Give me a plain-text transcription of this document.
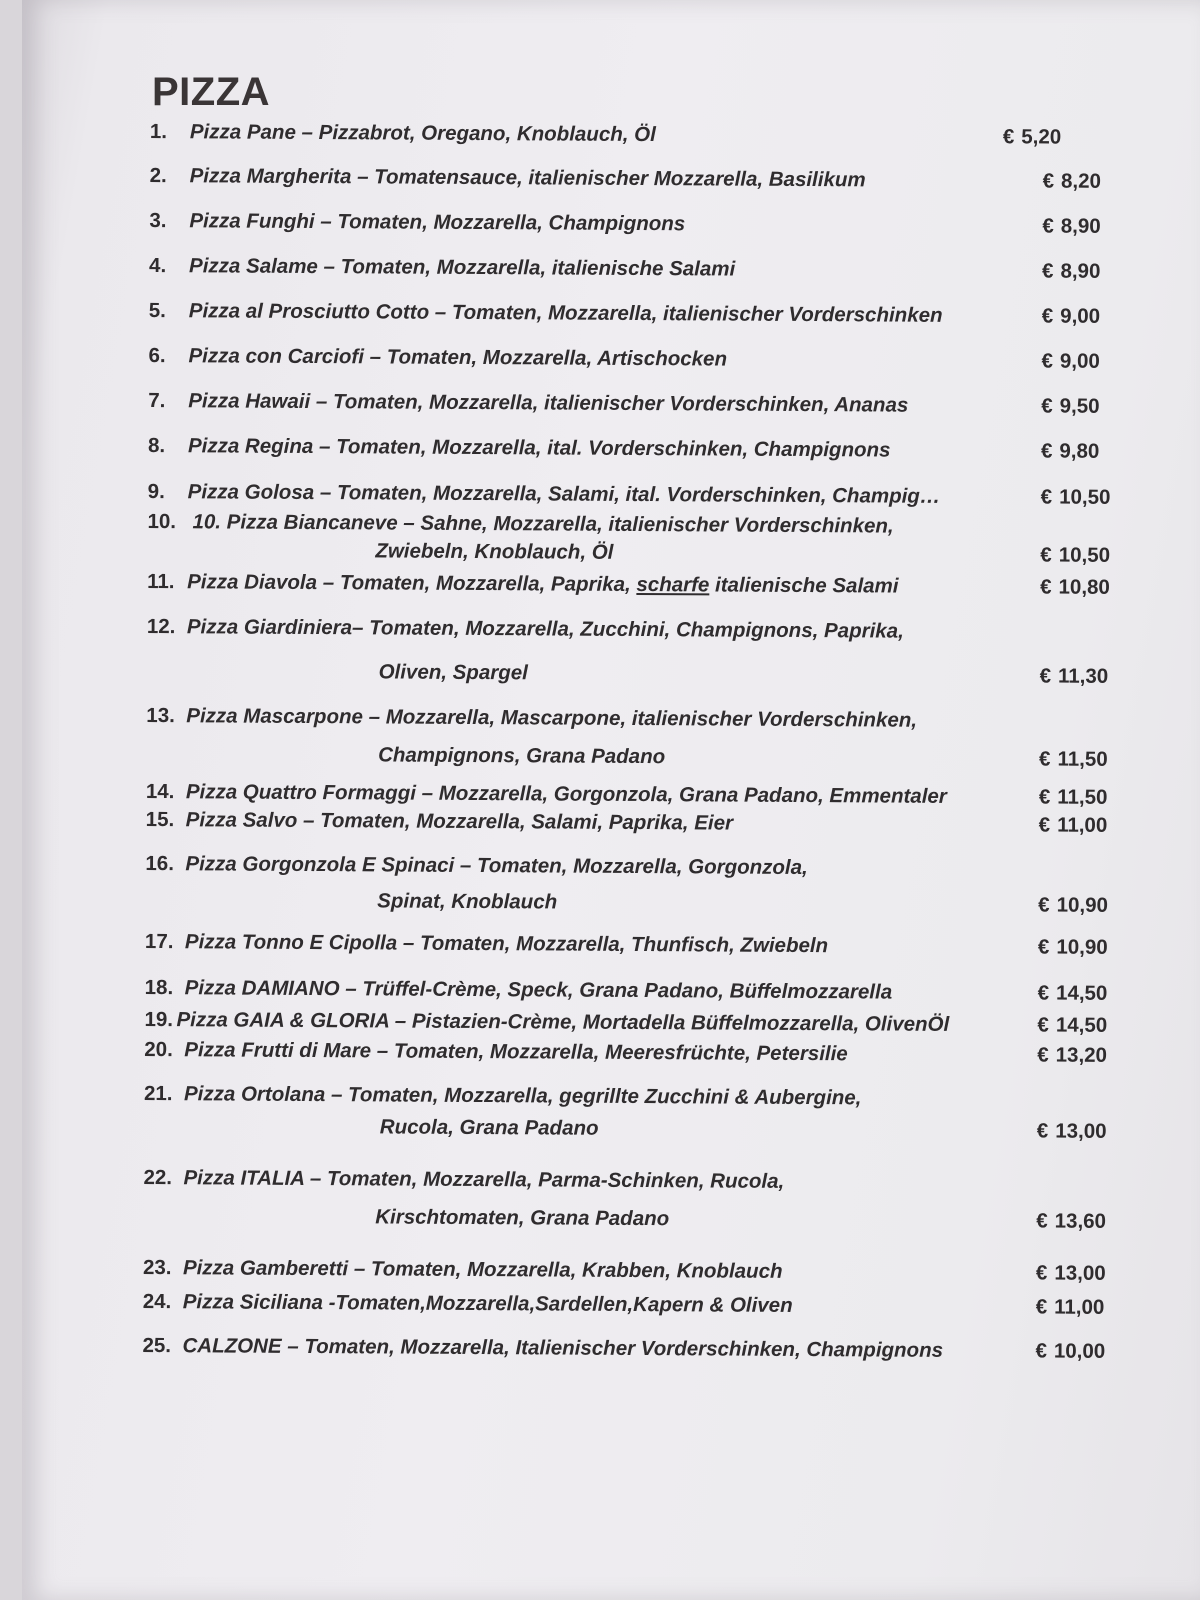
PIZZA
1. Pizza Pane – Pizzabrot, Oregano, Knoblauch, Öl	€ 5,20
2. Pizza Margherita – Tomatensauce, italienischer Mozzarella, Basilikum	€ 8,20
3. Pizza Funghi – Tomaten, Mozzarella, Champignons	€ 8,90
4. Pizza Salame – Tomaten, Mozzarella, italienische Salami	€ 8,90
5. Pizza al Prosciutto Cotto – Tomaten, Mozzarella, italienischer Vorderschinken	€ 9,00
6. Pizza con Carciofi – Tomaten, Mozzarella, Artischocken	€ 9,00
7. Pizza Hawaii – Tomaten, Mozzarella, italienischer Vorderschinken, Ananas	€ 9,50
8. Pizza Regina – Tomaten, Mozzarella, ital. Vorderschinken, Champignons	€ 9,80
9. Pizza Golosa – Tomaten, Mozzarella, Salami, ital. Vorderschinken, Champig…	€ 10,50
10. 10. Pizza Biancaneve – Sahne, Mozzarella, italienischer Vorderschinken,
Zwiebeln, Knoblauch, Öl	€ 10,50
11. Pizza Diavola – Tomaten, Mozzarella, Paprika, scharfe italienische Salami	€ 10,80
12. Pizza Giardiniera– Tomaten, Mozzarella, Zucchini, Champignons, Paprika,
Oliven, Spargel	€ 11,30
13. Pizza Mascarpone – Mozzarella, Mascarpone, italienischer Vorderschinken,
Champignons, Grana Padano	€ 11,50
14. Pizza Quattro Formaggi – Mozzarella, Gorgonzola, Grana Padano, Emmentaler	€ 11,50
15. Pizza Salvo – Tomaten, Mozzarella, Salami, Paprika, Eier	€ 11,00
16. Pizza Gorgonzola E Spinaci – Tomaten, Mozzarella, Gorgonzola,
Spinat, Knoblauch	€ 10,90
17. Pizza Tonno E Cipolla – Tomaten, Mozzarella, Thunfisch, Zwiebeln	€ 10,90
18. Pizza DAMIANO – Trüffel-Crème, Speck, Grana Padano, Büffelmozzarella	€ 14,50
19. Pizza GAIA & GLORIA – Pistazien-Crème, Mortadella Büffelmozzarella, OlivenÖl	€ 14,50
20. Pizza Frutti di Mare – Tomaten, Mozzarella, Meeresfrüchte, Petersilie	€ 13,20
21. Pizza Ortolana – Tomaten, Mozzarella, gegrillte Zucchini & Aubergine,
Rucola, Grana Padano	€ 13,00
22. Pizza ITALIA – Tomaten, Mozzarella, Parma-Schinken, Rucola,
Kirschtomaten, Grana Padano	€ 13,60
23. Pizza Gamberetti – Tomaten, Mozzarella, Krabben, Knoblauch	€ 13,00
24. Pizza Siciliana -Tomaten,Mozzarella,Sardellen,Kapern & Oliven	€ 11,00
25. CALZONE – Tomaten, Mozzarella, Italienischer Vorderschinken, Champignons	€ 10,00
